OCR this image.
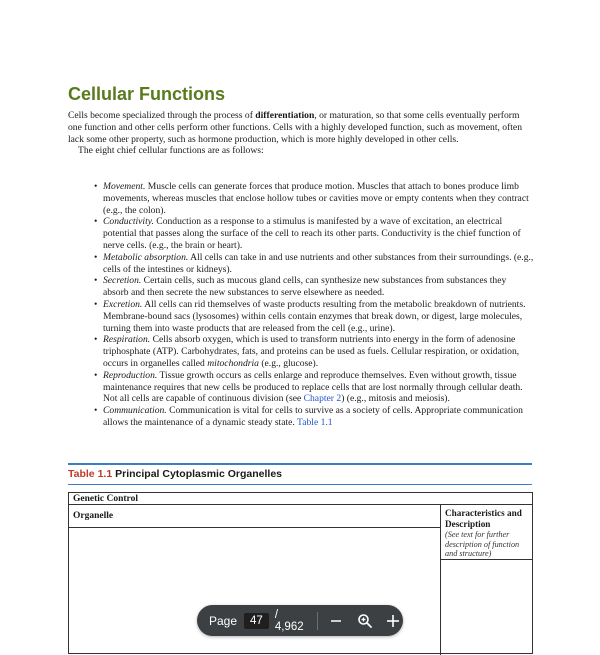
Cellular Functions

Cells become specialized through the process of differentiation, or maturation, so that some cells eventually perform one function and other cells perform other functions. Cells with a highly developed function, such as movement, often lack some other property, such as hormone production, which is more highly developed in other cells.

The eight chief cellular functions are as follows:

• Movement. Muscle cells can generate forces that produce motion. Muscles that attach to bones produce limb movements, whereas muscles that enclose hollow tubes or cavities move or empty contents when they contract (e.g., the colon).
• Conductivity. Conduction as a response to a stimulus is manifested by a wave of excitation, an electrical potential that passes along the surface of the cell to reach its other parts. Conductivity is the chief function of nerve cells. (e.g., the brain or heart).
• Metabolic absorption. All cells can take in and use nutrients and other substances from their surroundings. (e.g., cells of the intestines or kidneys).
• Secretion. Certain cells, such as mucous gland cells, can synthesize new substances from substances they absorb and then secrete the new substances to serve elsewhere as needed.
• Excretion. All cells can rid themselves of waste products resulting from the metabolic breakdown of nutrients. Membrane-bound sacs (lysosomes) within cells contain enzymes that break down, or digest, large molecules, turning them into waste products that are released from the cell (e.g., urine).
• Respiration. Cells absorb oxygen, which is used to transform nutrients into energy in the form of adenosine triphosphate (ATP). Carbohydrates, fats, and proteins can be used as fuels. Cellular respiration, or oxidation, occurs in organelles called mitochondria (e.g., glucose).
• Reproduction. Tissue growth occurs as cells enlarge and reproduce themselves. Even without growth, tissue maintenance requires that new cells be produced to replace cells that are lost normally through cellular death. Not all cells are capable of continuous division (see Chapter 2) (e.g., mitosis and meiosis).
• Communication. Communication is vital for cells to survive as a society of cells. Appropriate communication allows the maintenance of a dynamic steady state. Table 1.1
Table 1.1 Principal Cytoplasmic Organelles
Genetic Control
Organelle	Characteristics and Description
(See text for further description of function and structure)
Page	47	/ 4,962
